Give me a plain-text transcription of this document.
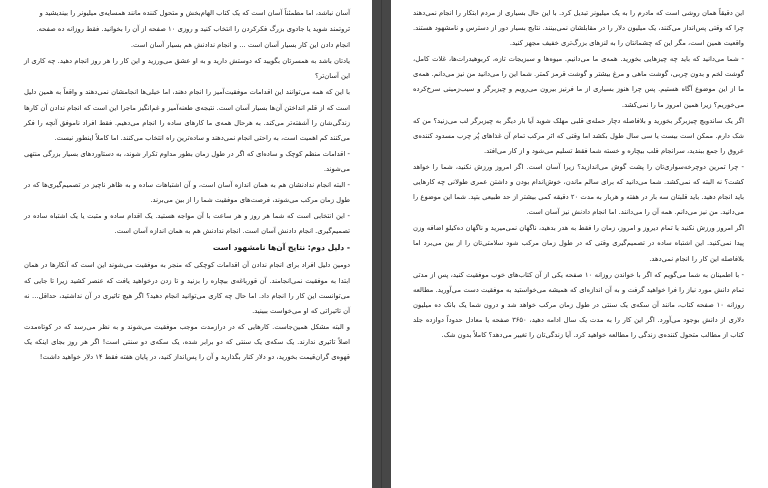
آسان نباشد، اما مطمئناً آسان است که یک کتاب الهام‌بخش و متحول کننده مانند همسایه‌ی میلیونر را بیندیشید و

ثروتمند شوید یا جادوی بزرگ فکرکردن را انتخاب کنید و روزی ۱۰ صفحه از آن را بخوانید. فقط روزانه ده صفحه.

انجام دادن این کار بسیار آسان است ... و انجام ندادنش هم بسیار آسان است.

یادتان باشد به همسرتان بگویید که دوستش دارید و به او عشق می‌ورزید و این کار را هر روز انجام دهید. چه کاری از این آسان‌تر؟

با این که همه می‌توانند این اقدامات موفقیت‌آمیز را انجام دهند، اما خیلی‌ها انجامشان نمی‌دهند و واقعاً به همین دلیل است که از قلم انداختن آن‌ها بسیار آسان است. نتیجه‌ی طعنه‌آمیز و غم‌انگیز ماجرا این است که انجام ندادن آن کارها زندگی‌شان را آشفته‌تر می‌کند. به هرحال همه‌ی ما کارهای ساده را انجام می‌دهیم. فقط افراد ناموفق آنچه را فکر می‌کنند کم اهمیت است، به راحتی انجام نمی‌دهند و ساده‌ترین راه انتخاب می‌کنند. اما کاملاً اینطور نیست.

- اقدامات منظم کوچک و ساده‌ای که اگر در طول زمان بطور مداوم تکرار شوند، به دستاوردهای بسیار بزرگی منتهی می‌شوند.

- البته انجام ندادنشان هم به همان اندازه آسان است، و آن اشتباهات ساده و به ظاهر ناچیز در تصمیم‌گیری‌ها که در طول زمان مرکب می‌شوند، فرصت‌های موفقیت شما را از بین می‌برند.

- این انتخابی است که شما هر روز و هر ساعت با آن مواجه هستید. یک اقدام ساده و مثبت یا یک اشتباه ساده در تصمیم‌گیری. انجام دادنش آسان است. انجام ندادنش هم به همان اندازه آسان است.

- دلیل دوم: نتایج آن‌ها نامشهود است

دومین دلیل افراد برای انجام ندادن آن اقدامات کوچکی که منجر به موفقیت می‌شوند این است که آنکارها در همان ابتدا به موفقیت نمی‌انجامند. آن قورباغه‌ی بیچاره را بزنید و تا زدن درخواهید یافت که عنصر کشید زیرا تا جایی که می‌توانست این کار را انجام داد. اما حال چه کاری می‌توانید انجام دهید؟ اگر هیچ تاثیری در آن نداشتید، حداقل... نه آن تاثیراتی که او می‌خواست ببینید.

و البته مشکل همین‌جاست. کارهایی که در درازمدت موجب موفقیت می‌شوند و به نظر می‌رسد که در کوتاه‌مدت اصلاً تاثیری ندارند. یک سکه‌ی یک سنتی که دو برابر شده، یک سکه‌ی دو سنتی است! اگر هر روز بجای اینکه یک قهوه‌ی گران‌قیمت بخورید، دو دلار کنار بگذارید و آن را پس‌انداز کنید، در پایان هفته فقط ۱۴ دلار خواهید داشت!

این دقیقاً همان روشی است که مادرم را به یک میلیونر تبدیل کرد. با این حال بسیاری از مردم ابتکار را انجام نمی‌دهند چرا که وقتی پس‌انداز می‌کنند، یک میلیون دلار را در مقابلشان نمی‌بینند. نتایج بسیار دور از دسترس و نامشهود هستند. واقعیت همین است، مگر این که چشمانتان را به لنزهای بزرگ‌تری خفیف مجهز کنید.

- شما می‌دانید که باید چه چیزهایی بخورید. همه‌ی ما می‌دانیم. میوه‌ها و سبزیجات تازه، کربوهیدرات‌ها، غلات کامل، گوشت لخم و بدون چربی، گوشت ماهی و مرغ بیشتر و گوشت قرمز کمتر. شما این را می‌دانید من نیز می‌دانم. همه‌ی ما از این موضوع آگاه هستیم. پس چرا هنوز بسیاری از ما فرنیز بیرون می‌رویم و چیزبرگر و سیب‌زمینی سرخ‌کرده می‌خوریم؟ زیرا همین امروز ما را نمی‌کشد.

اگر یک ساندویچ چیزبرگر بخورید و بلافاصله دچار حمله‌ی قلبی مهلک شوید آیا بار دیگر به چیزبرگر لب می‌زنید؟ من که شک دارم. ممکن است بیست یا سی سال طول بکشد اما وقتی که اثر مرکب تمام آن غذاهای پُر چرب مسدود کننده‌ی عروق را جمع ببندید، سرانجام قلب بیچاره و خسته شما فقط تسلیم می‌شود و از کار می‌افتد.

- چرا تمرین دوچرخه‌سواری‌تان را پشت گوش می‌اندازید؟ زیرا آسان است. اگر امروز ورزش نکنید، شما را خواهد کشت؟ نه البته که نمی‌کشد. شما می‌دانید که برای سالم ماندن، خوش‌اندام بودن و داشتن عمری طولانی چه کارهایی باید انجام دهید. باید قلبتان سه بار در هفته و هربار به مدت ۲۰ دقیقه کمی بیشتر از حد طبیعی بتپد. شما این موضوع را می‌دانید. من نیز می‌دانم. همه آن را می‌دانند. اما انجام دادنش نیز آسان است.

اگر امروز ورزش نکنید یا تمام دیروز و امروز، زمان را فقط به هدر بدهید، ناگهان نمی‌میرید و ناگهان ده‌کیلو اضافه وزن پیدا نمی‌کنید. این اشتباه ساده در تصمیم‌گیری وقتی که در طول زمان مرکب شود سلامتی‌تان را از بین می‌برد اما بلافاصله این کار را انجام نمی‌دهد.

- با اطمینان به شما می‌گویم که اگر با خواندن روزانه ۱۰ صفحه یکی از آن کتاب‌های خوب موفقیت کنید، پس از مدتی تمام دانش مورد نیاز را فرا خواهید گرفت و به آن اندازه‌ای که همیشه می‌خواستید به موفقیت دست می‌آورید. مطالعه روزانه ۱۰ صفحه کتاب، مانند آن سکه‌ی یک سنتی در طول زمان مرکب خواهد شد و درون شما یک بانک ده میلیون دلاری از دانش بوجود می‌آورد. اگر این کار را به مدت یک سال ادامه دهید، ۳۶۵۰ صفحه یا معادل حدوداً دوازده جلد کتاب از مطالب متحول کننده‌ی زندگی را مطالعه خواهید کرد. آیا زندگی‌تان را تغییر می‌دهد؟ کاملاً بدون شک.
